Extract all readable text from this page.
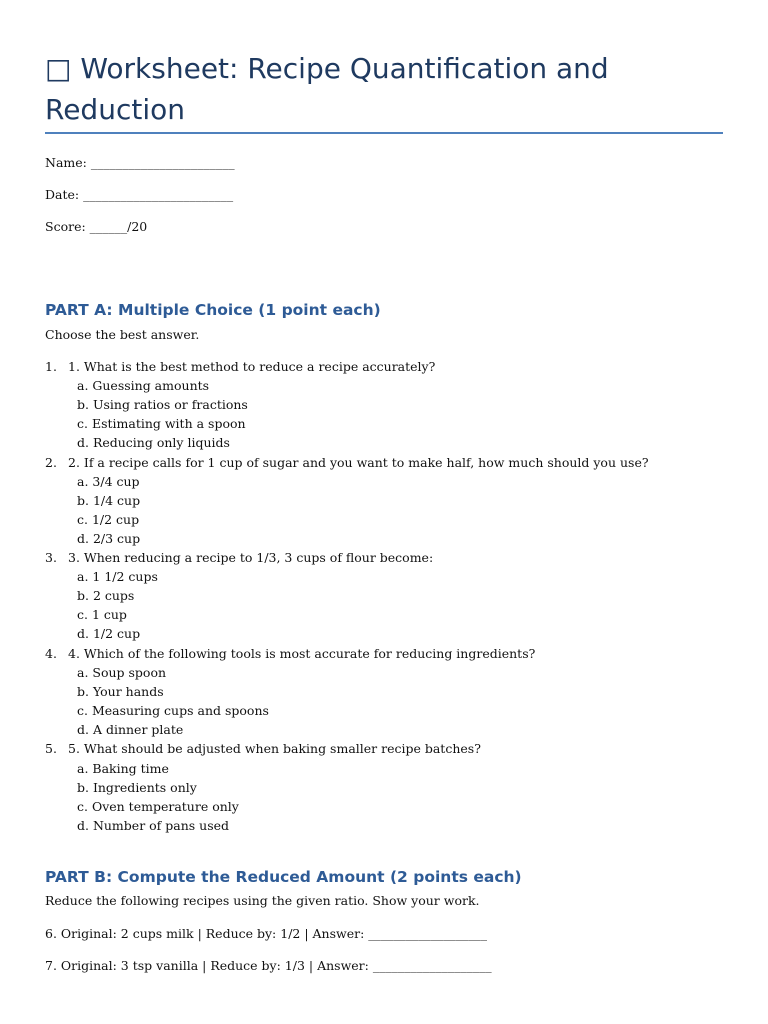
□ Worksheet: Recipe Quantification and Reduction
Name: _______________________
Date: ________________________
Score: ______/20
PART A: Multiple Choice (1 point each)
Choose the best answer.
1. 1. What is the best method to reduce a recipe accurately?
a. Guessing amounts
b. Using ratios or fractions
c. Estimating with a spoon
d. Reducing only liquids
2. 2. If a recipe calls for 1 cup of sugar and you want to make half, how much should you use?
a. 3/4 cup
b. 1/4 cup
c. 1/2 cup
d. 2/3 cup
3. 3. When reducing a recipe to 1/3, 3 cups of flour become:
a. 1 1/2 cups
b. 2 cups
c. 1 cup
d. 1/2 cup
4. 4. Which of the following tools is most accurate for reducing ingredients?
a. Soup spoon
b. Your hands
c. Measuring cups and spoons
d. A dinner plate
5. 5. What should be adjusted when baking smaller recipe batches?
a. Baking time
b. Ingredients only
c. Oven temperature only
d. Number of pans used
PART B: Compute the Reduced Amount (2 points each)
Reduce the following recipes using the given ratio. Show your work.
6. Original: 2 cups milk | Reduce by: 1/2 | Answer: ___________________
7. Original: 3 tsp vanilla | Reduce by: 1/3 | Answer: ___________________
